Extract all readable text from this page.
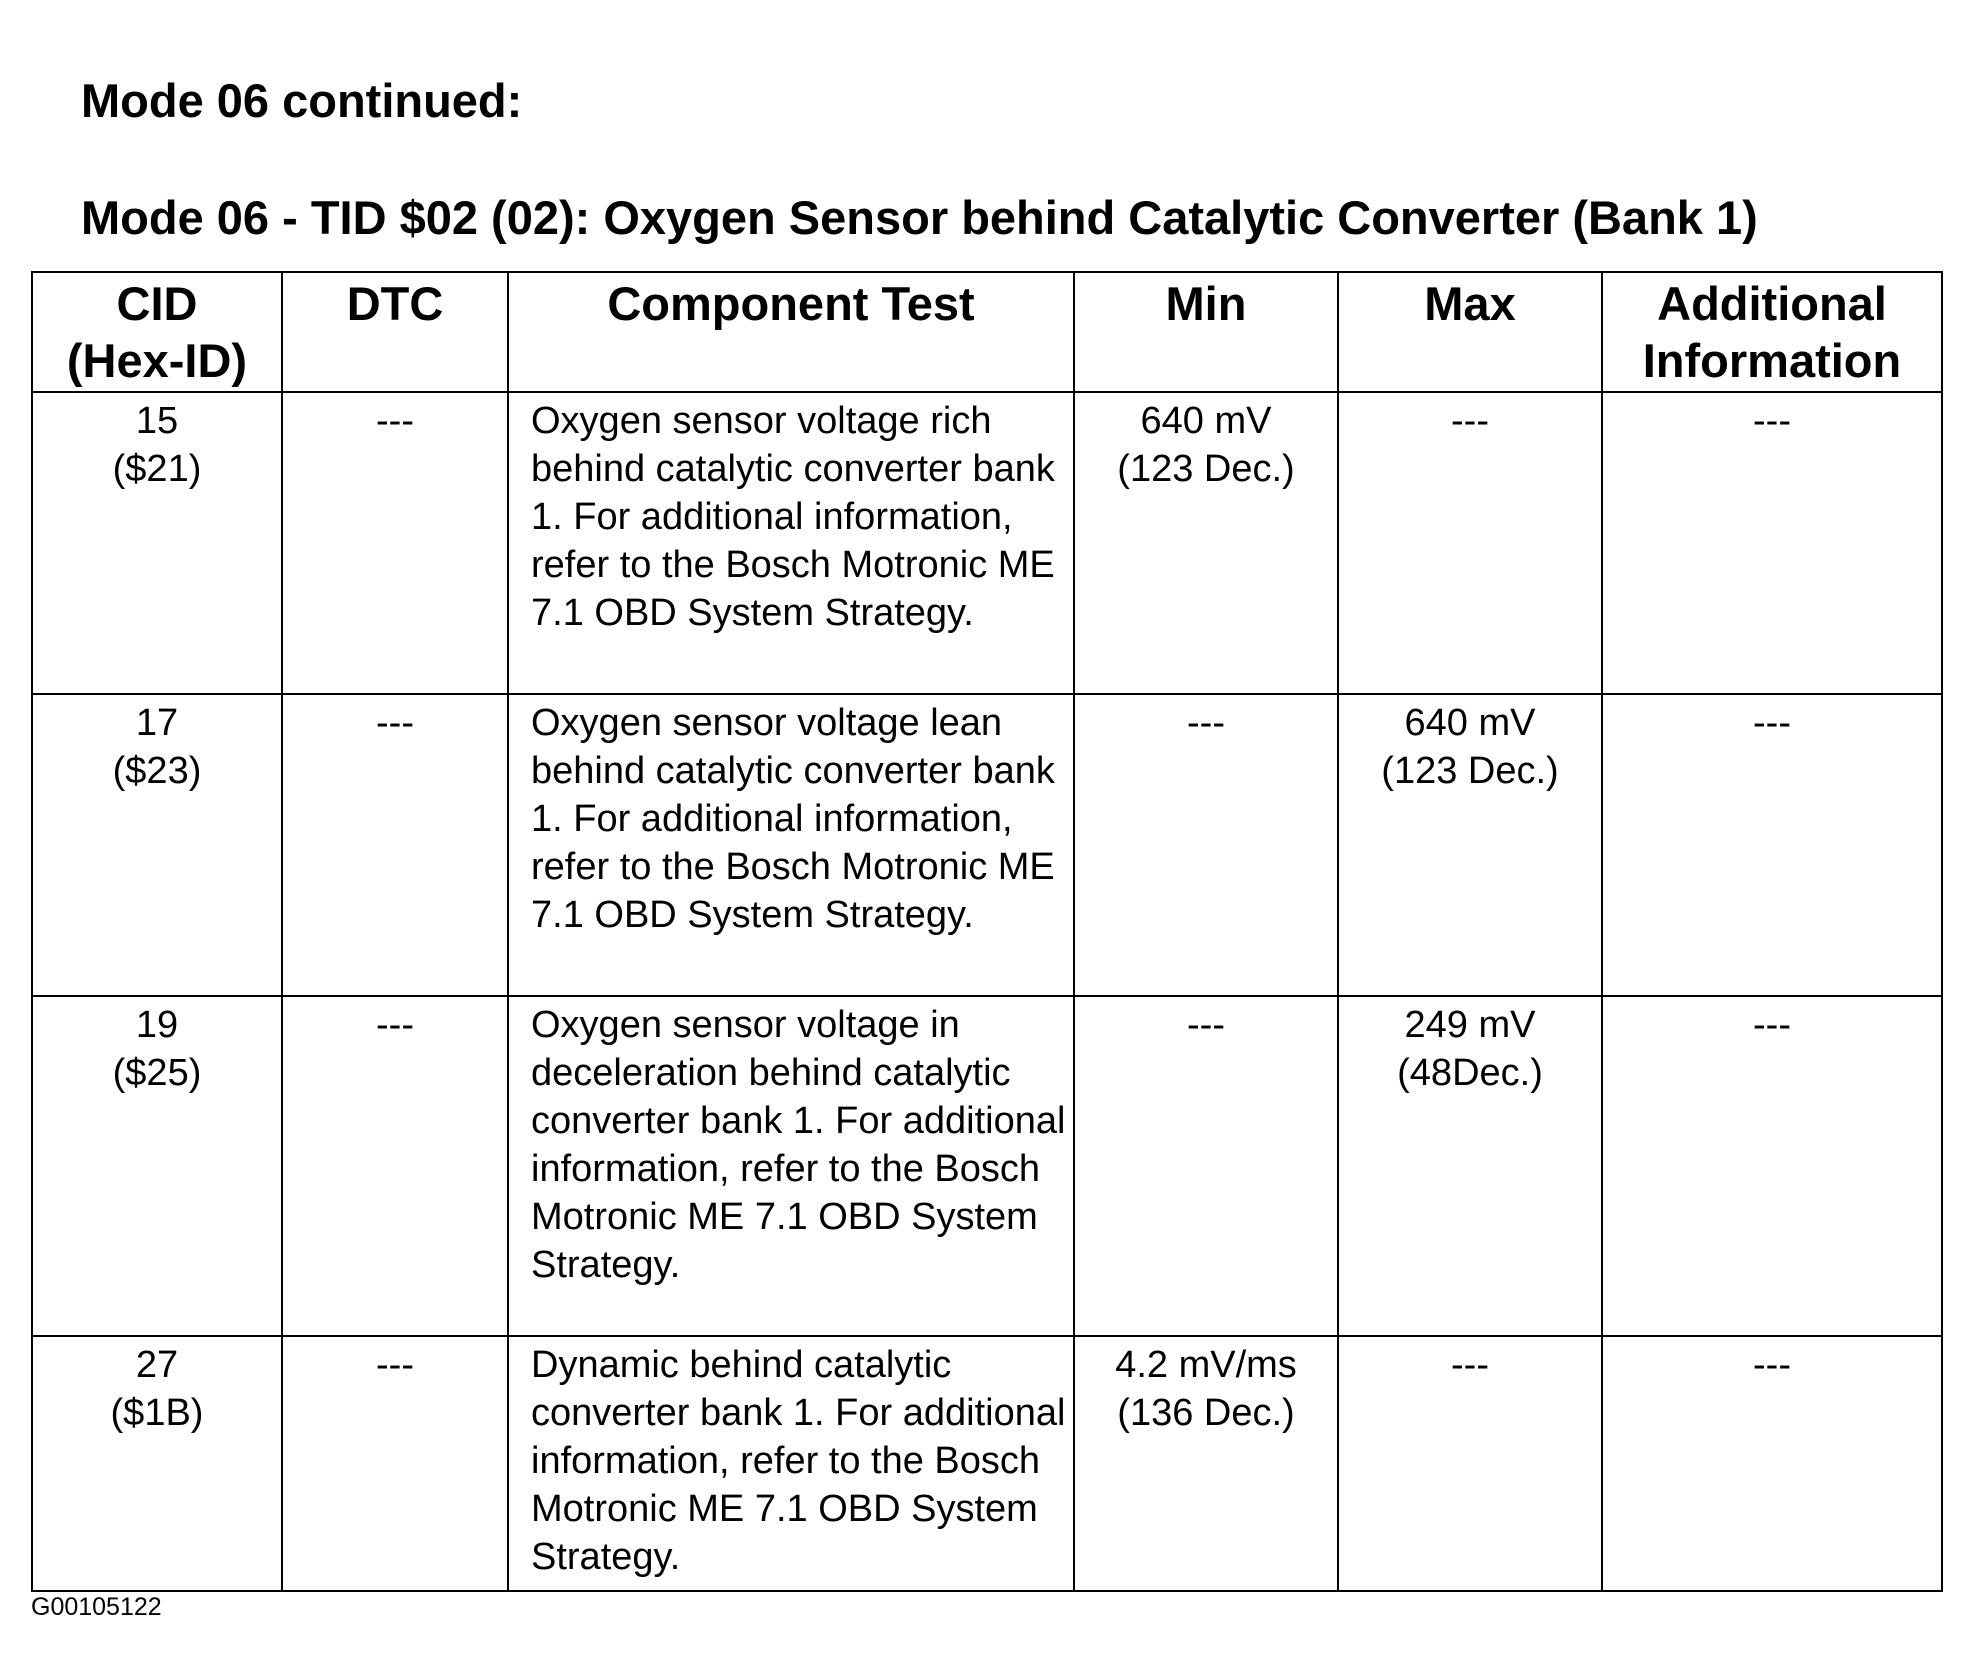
Mode 06 continued:
Mode 06 - TID $02 (02): Oxygen Sensor behind Catalytic Converter (Bank 1)
CID
(Hex-ID)	DTC	Component Test	Min	Max	Additional
Information

15
($21)	---	Oxygen sensor voltage rich behind catalytic converter bank 1. For additional information, refer to the Bosch Motronic ME 7.1 OBD System Strategy.	640 mV
(123 Dec.)	---	---

17
($23)	---	Oxygen sensor voltage lean behind catalytic converter bank 1. For additional information, refer to the Bosch Motronic ME 7.1 OBD System Strategy.	---	640 mV
(123 Dec.)	---

19
($25)	---	Oxygen sensor voltage in deceleration behind catalytic converter bank 1. For additional information, refer to the Bosch Motronic ME 7.1 OBD System Strategy.	---	249 mV
(48Dec.)	---

27
($1B)	---	Dynamic behind catalytic converter bank 1. For additional information, refer to the Bosch Motronic ME 7.1 OBD System Strategy.	4.2 mV/ms
(136 Dec.)	---	---
G00105122
